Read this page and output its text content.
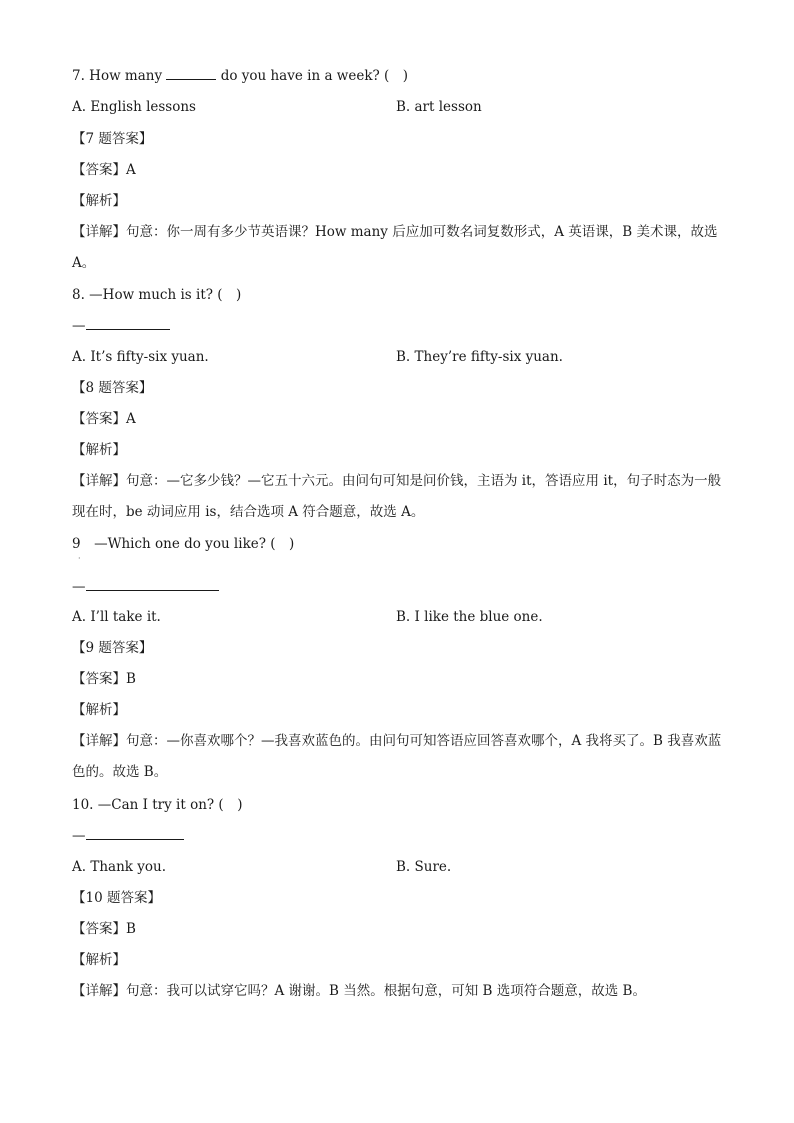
7. How many	do you have in a week? ( )
A. English lessons	B. art lesson
【7 题答案】
【答案】A
【解析】
【详解】句意：你一周有多少节英语课？How many 后应加可数名词复数形式，A 英语课，B 美术课，故选 A。
8. —How much is it? ( )
—
A. It’s fifty-six yuan.	B. They’re fifty-six yuan.
【8 题答案】
【答案】A
【解析】
【详解】句意：—它多少钱？—它五十六元。由问句可知是问价钱，主语为 it，答语应用 it，句子时态为一般现在时，be 动词应用 is，结合选项 A 符合题意，故选 A。
9　—Which one do you like? ( )
·
—
A. I’ll take it.	B. I like the blue one.
【9 题答案】
【答案】B
【解析】
【详解】句意：—你喜欢哪个？—我喜欢蓝色的。由问句可知答语应回答喜欢哪个，A 我将买了。B 我喜欢蓝色的。故选 B。
10. —Can I try it on? ( )
—
A. Thank you.	B. Sure.
【10 题答案】
【答案】B
【解析】
【详解】句意：我可以试穿它吗？A 谢谢。B 当然。根据句意，可知 B 选项符合题意，故选 B。
